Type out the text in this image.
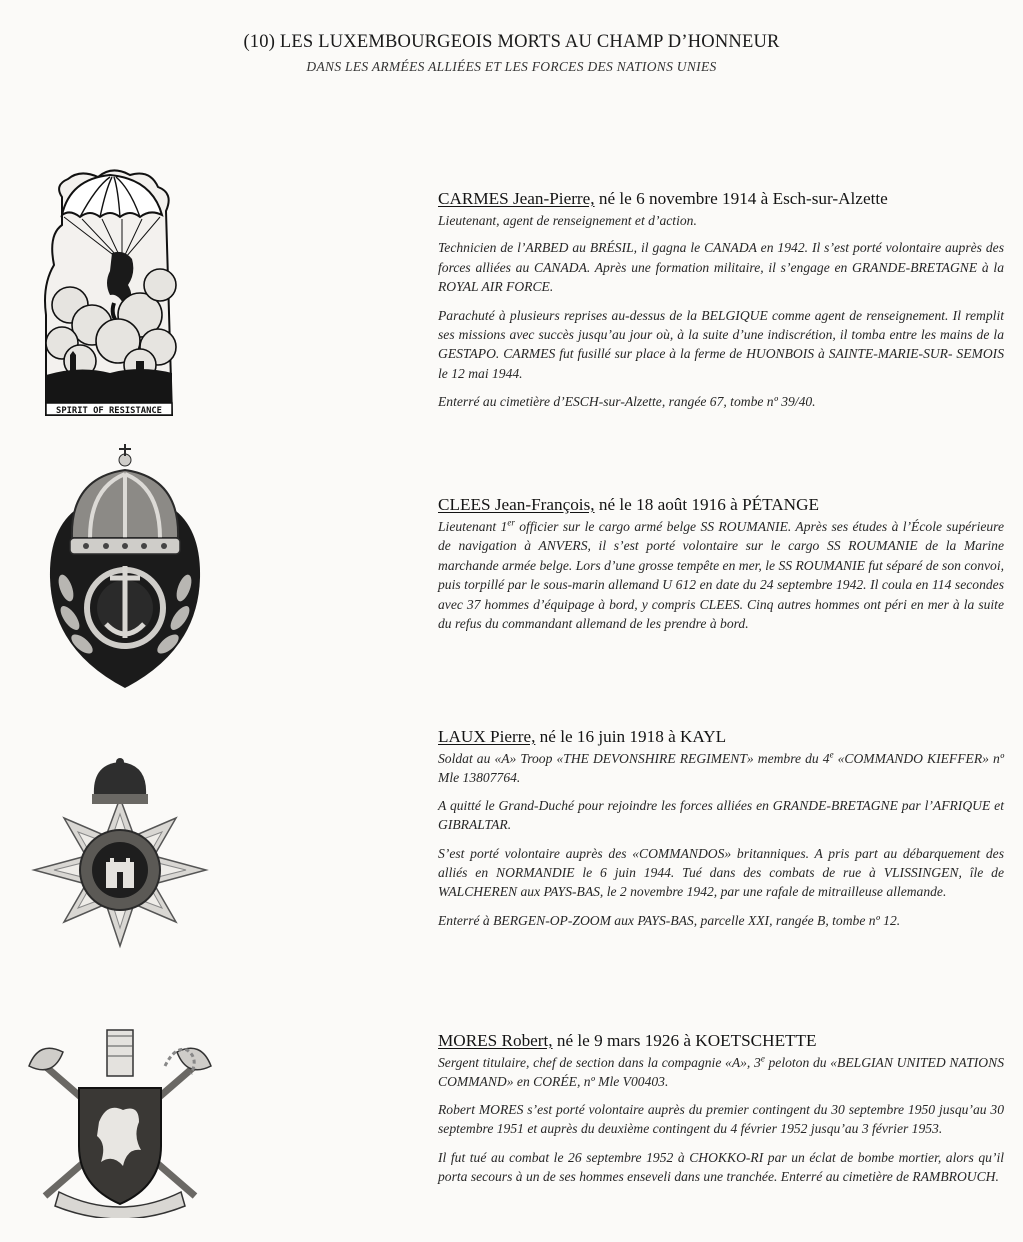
(10) LES LUXEMBOURGEOIS MORTS AU CHAMP D’HONNEUR
DANS LES ARMÉES ALLIÉES ET LES FORCES DES NATIONS UNIES
SPIRIT OF RESISTANCE
CARMES Jean-Pierre, né le 6 novembre 1914 à Esch-sur-Alzette

Lieutenant, agent de renseignement et d’action.

Technicien de l’ARBED au BRÉSIL, il gagna le CANADA en 1942. Il s’est porté volontaire auprès des forces alliées au CANADA. Après une formation militaire, il s’engage en GRANDE-BRETAGNE à la ROYAL AIR FORCE.

Parachuté à plusieurs reprises au-dessus de la BELGIQUE comme agent de renseignement. Il remplit ses missions avec succès jusqu’au jour où, à la suite d’une indiscrétion, il tomba entre les mains de la GESTAPO. CARMES fut fusillé sur place à la ferme de HUONBOIS à SAINTE-MARIE-SUR- SEMOIS le 12 mai 1944.

Enterré au cimetière d’ESCH-sur-Alzette, rangée 67, tombe nº 39/40.

CLEES Jean-François, né le 18 août 1916 à PÉTANGE

Lieutenant 1er officier sur le cargo armé belge SS ROUMANIE. Après ses études à l’École supérieure de navigation à ANVERS, il s’est porté volontaire sur le cargo SS ROUMANIE de la Marine marchande armée belge. Lors d’une grosse tempête en mer, le SS ROUMANIE fut séparé de son convoi, puis torpillé par le sous-marin allemand U 612 en date du 24 septembre 1942. Il coula en 114 secondes avec 37 hommes d’équipage à bord, y compris CLEES. Cinq autres hommes ont péri en mer à la suite du refus du commandant allemand de les prendre à bord.

LAUX Pierre, né le 16 juin 1918 à KAYL

Soldat au «A» Troop «THE DEVONSHIRE REGIMENT» membre du 4e «COMMANDO KIEFFER» nº Mle 13807764.

A quitté le Grand-Duché pour rejoindre les forces alliées en GRANDE-BRETAGNE par l’AFRIQUE et GIBRALTAR.

S’est porté volontaire auprès des «COMMANDOS» britanniques. A pris part au débarquement des alliés en NORMANDIE le 6 juin 1944. Tué dans des combats de rue à VLISSINGEN, île de WALCHEREN aux PAYS-BAS, le 2 novembre 1942, par une rafale de mitrailleuse allemande.

Enterré à BERGEN-OP-ZOOM aux PAYS-BAS, parcelle XXI, rangée B, tombe nº 12.

MORES Robert, né le 9 mars 1926 à KOETSCHETTE

Sergent titulaire, chef de section dans la compagnie «A», 3e peloton du «BELGIAN UNITED NATIONS COMMAND» en CORÉE, nº Mle V00403.

Robert MORES s’est porté volontaire auprès du premier contingent du 30 septembre 1950 jusqu’au 30 septembre 1951 et auprès du deuxième contingent du 4 février 1952 jusqu’au 3 février 1953.

Il fut tué au combat le 26 septembre 1952 à CHOKKO-RI par un éclat de bombe mortier, alors qu’il porta secours à un de ses hommes enseveli dans une tranchée. Enterré au cimetière de RAMBROUCH.
